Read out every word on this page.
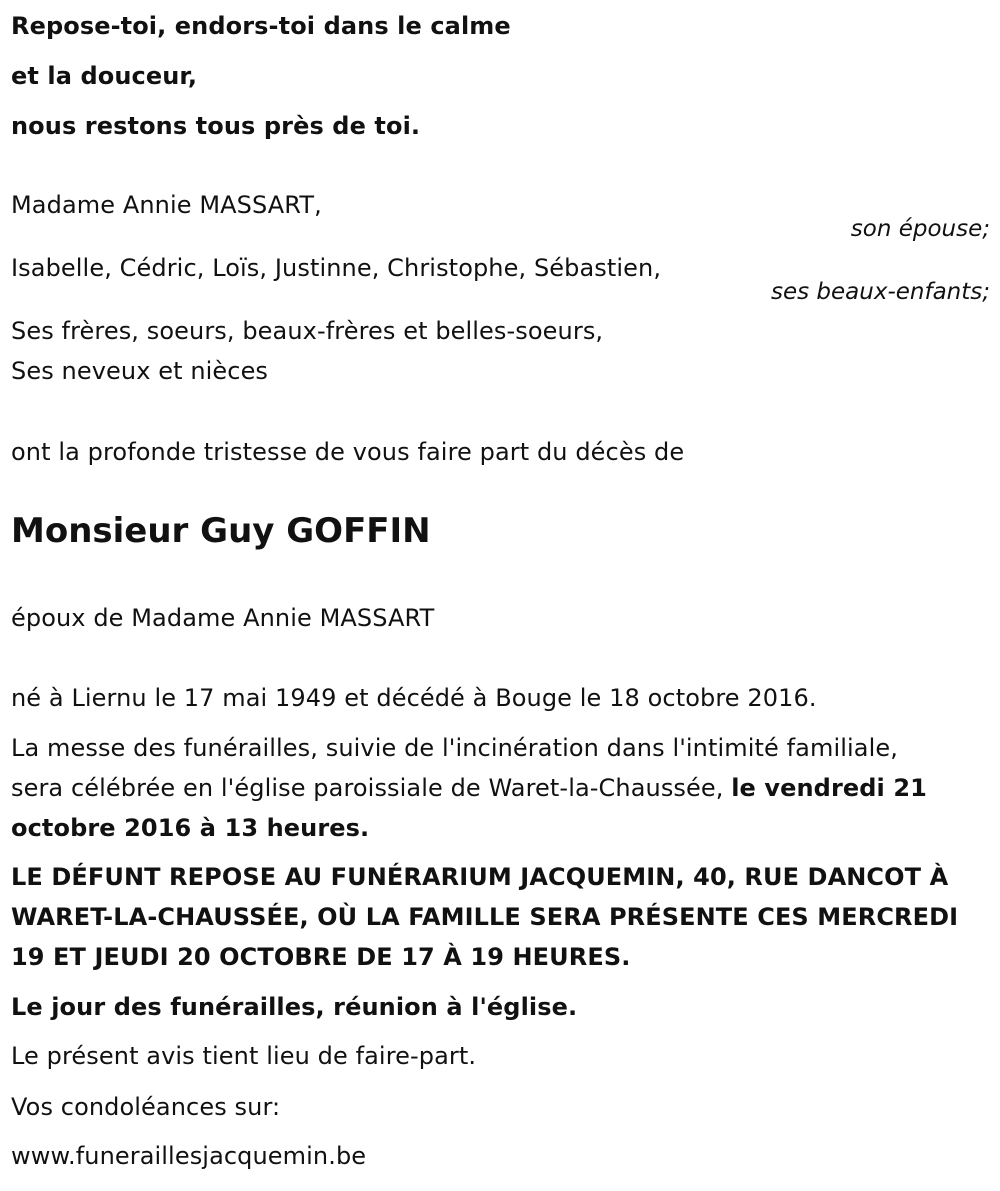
Repose-toi, endors-toi dans le calme
et la douceur,
nous restons tous près de toi.
Madame Annie MASSART,
son épouse;
Isabelle, Cédric, Loïs, Justinne, Christophe, Sébastien,
ses beaux-enfants;
Ses frères, soeurs, beaux-frères et belles-soeurs,
Ses neveux et nièces
ont la profonde tristesse de vous faire part du décès de
Monsieur Guy GOFFIN
époux de Madame Annie MASSART
né à Liernu le 17 mai 1949 et décédé à Bouge le 18 octobre 2016.
La messe des funérailles, suivie de l'incinération dans l'intimité familiale,
sera célébrée en l'église paroissiale de Waret-la-Chaussée, le vendredi 21
octobre 2016 à 13 heures.
LE DÉFUNT REPOSE AU FUNÉRARIUM JACQUEMIN, 40, RUE DANCOT À
WARET-LA-CHAUSSÉE, OÙ LA FAMILLE SERA PRÉSENTE CES MERCREDI
19 ET JEUDI 20 OCTOBRE DE 17 À 19 HEURES.
Le jour des funérailles, réunion à l'église.
Le présent avis tient lieu de faire-part.
Vos condoléances sur:
www.funeraillesjacquemin.be
